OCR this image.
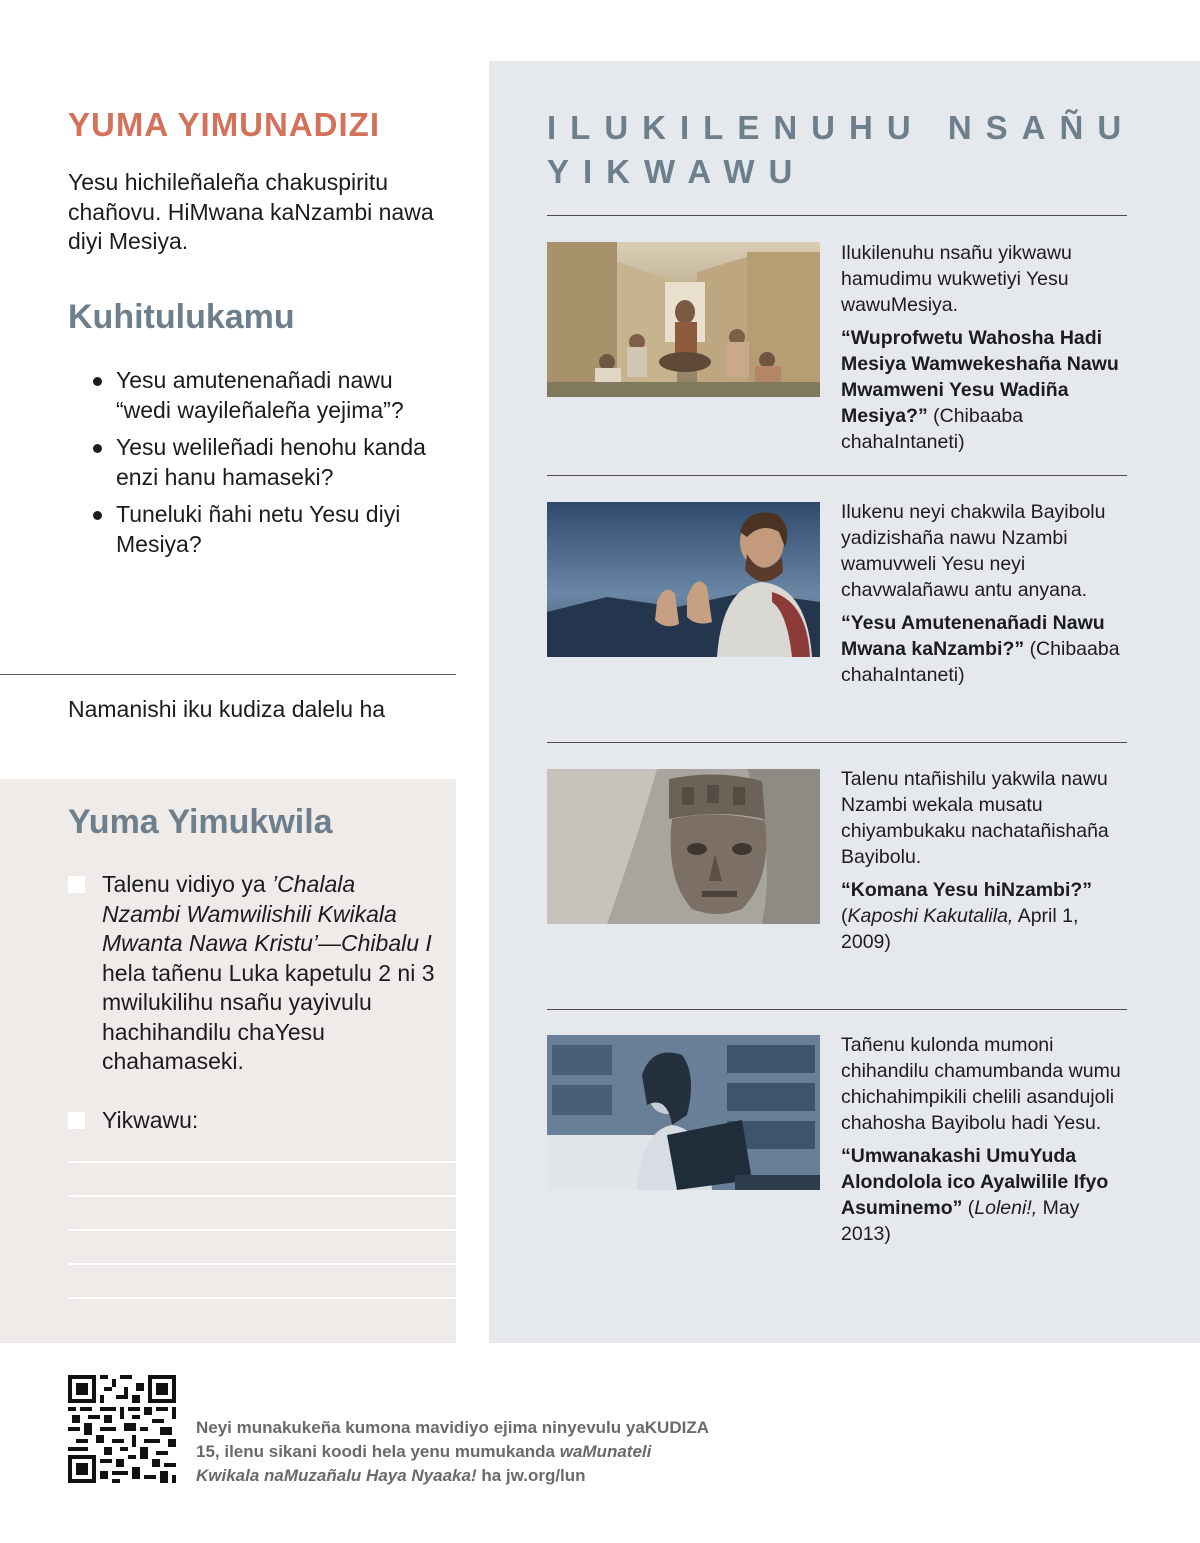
YUMA YIMUNADIZI

Yesu hichileñaleña chakuspiritu chañovu. HiMwana kaNzambi nawa diyi Mesiya.

Kuhitulukamu
Yesu amutenenañadi nawu “wedi wayileñaleña yejima”?
Yesu welileñadi henohu kanda enzi hanu hamaseki?
Tuneluki ñahi netu Yesu diyi Mesiya?

Namanishi iku kudiza dalelu ha

Yuma Yimukwila
Talenu vidiyo ya ’Chalala Nzambi Wamwilishili Kwikala Mwanta Nawa Kristu’—Chibalu I hela tañenu Luka kapetulu 2 ni 3 mwilukilihu nsañu yayivulu hachihandilu chaYesu chahamaseki.
Yikwawu:
ILUKILENUHU NSAÑU YIKWAWU

Ilukilenuhu nsañu yikwawu hamudimu wukwetiyi Yesu wawuMesiya.

“Wuprofwetu Wahosha Hadi Mesiya Wamwekeshaña Nawu Mwamweni Yesu Wadiña Mesiya?” (Chibaaba chahaIntaneti)

Ilukenu neyi chakwila Bayibolu yadizishaña nawu Nzambi wamuvweli Yesu neyi chavwalañawu antu anyana.

“Yesu Amutenenañadi Nawu Mwana kaNzambi?” (Chibaaba chahaIntaneti)

Talenu ntañishilu yakwila nawu Nzambi wekala musatu chiyambukaku nachatañishaña Bayibolu.

“Komana Yesu hiNzambi?”
(Kaposhi Kakutalila, April 1, 2009)

Tañenu kulonda mumoni chihandilu chamumbanda wumu chichahimpikili chelili asandujoli chahosha Bayibolu hadi Yesu.

“Umwanakashi UmuYuda Alondolola ico Ayalwilile Ifyo Asuminemo” (Loleni!, May 2013)

Neyi munakukeña kumona mavidiyo ejima ninyevulu yaKUDIZA 15, ilenu sikani koodi hela yenu mumukanda waMunateli Kwikala naMuzañalu Haya Nyaaka! ha jw.org/lun
